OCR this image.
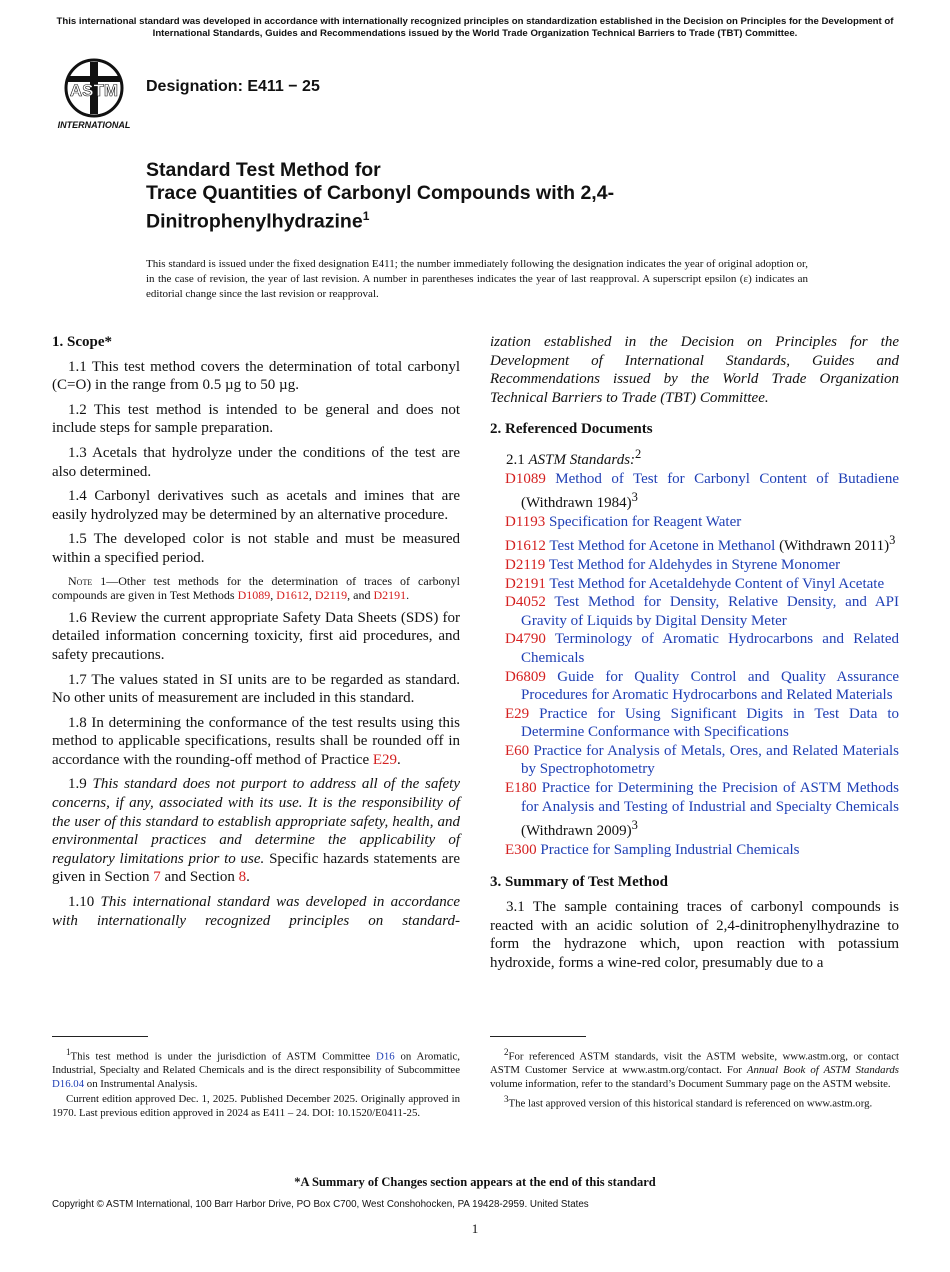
This international standard was developed in accordance with internationally recognized principles on standardization established in the Decision on Principles for the Development of International Standards, Guides and Recommendations issued by the World Trade Organization Technical Barriers to Trade (TBT) Committee.
ASTM
INTERNATIONAL
Designation: E411 − 25
Standard Test Method for
Trace Quantities of Carbonyl Compounds with 2,4-Dinitrophenylhydrazine$^1$
This standard is issued under the fixed designation E411; the number immediately following the designation indicates the year of original adoption or, in the case of revision, the year of last revision. A number in parentheses indicates the year of last reapproval. A superscript epsilon (ε) indicates an editorial change since the last revision or reapproval.
1. Scope*

1.1 This test method covers the determination of total carbonyl (C=O) in the range from 0.5 µg to 50 µg.

1.2 This test method is intended to be general and does not include steps for sample preparation.

1.3 Acetals that hydrolyze under the conditions of the test are also determined.

1.4 Carbonyl derivatives such as acetals and imines that are easily hydrolyzed may be determined by an alternative procedure.

1.5 The developed color is not stable and must be measured within a specified period.

Note 1—Other test methods for the determination of traces of carbonyl compounds are given in Test Methods D1089, D1612, D2119, and D2191.

1.6 Review the current appropriate Safety Data Sheets (SDS) for detailed information concerning toxicity, first aid procedures, and safety precautions.

1.7 The values stated in SI units are to be regarded as standard. No other units of measurement are included in this standard.

1.8 In determining the conformance of the test results using this method to applicable specifications, results shall be rounded off in accordance with the rounding-off method of Practice E29.

1.9 This standard does not purport to address all of the safety concerns, if any, associated with its use. It is the responsibility of the user of this standard to establish appropriate safety, health, and environmental practices and determine the applicability of regulatory limitations prior to use. Specific hazards statements are given in Section 7 and Section 8.

1.10 This international standard was developed in accordance with internationally recognized principles on standard-

ization established in the Decision on Principles for the Development of International Standards, Guides and Recommendations issued by the World Trade Organization Technical Barriers to Trade (TBT) Committee.

2. Referenced Documents

2.1 ASTM Standards:$^2$

D1089 Method of Test for Carbonyl Content of Butadiene (Withdrawn 1984)$^3$

D1193 Specification for Reagent Water

D1612 Test Method for Acetone in Methanol (Withdrawn 2011)$^3$

D2119 Test Method for Aldehydes in Styrene Monomer

D2191 Test Method for Acetaldehyde Content of Vinyl Acetate

D4052 Test Method for Density, Relative Density, and API Gravity of Liquids by Digital Density Meter

D4790 Terminology of Aromatic Hydrocarbons and Related Chemicals

D6809 Guide for Quality Control and Quality Assurance Procedures for Aromatic Hydrocarbons and Related Materials

E29 Practice for Using Significant Digits in Test Data to Determine Conformance with Specifications

E60 Practice for Analysis of Metals, Ores, and Related Materials by Spectrophotometry

E180 Practice for Determining the Precision of ASTM Methods for Analysis and Testing of Industrial and Specialty Chemicals (Withdrawn 2009)$^3$

E300 Practice for Sampling Industrial Chemicals

3. Summary of Test Method

3.1 The sample containing traces of carbonyl compounds is reacted with an acidic solution of 2,4-dinitrophenylhydrazine to form the hydrazone which, upon reaction with potassium hydroxide, forms a wine-red color, presumably due to a

$^1$This test method is under the jurisdiction of ASTM Committee D16 on Aromatic, Industrial, Specialty and Related Chemicals and is the direct responsibility of Subcommittee D16.04 on Instrumental Analysis.

Current edition approved Dec. 1, 2025. Published December 2025. Originally approved in 1970. Last previous edition approved in 2024 as E411 – 24. DOI: 10.1520/E0411-25.

$^2$For referenced ASTM standards, visit the ASTM website, www.astm.org, or contact ASTM Customer Service at www.astm.org/contact. For Annual Book of ASTM Standards volume information, refer to the standard’s Document Summary page on the ASTM website.

$^3$The last approved version of this historical standard is referenced on www.astm.org.

*A Summary of Changes section appears at the end of this standard
Copyright © ASTM International, 100 Barr Harbor Drive, PO Box C700, West Conshohocken, PA 19428-2959. United States
1
